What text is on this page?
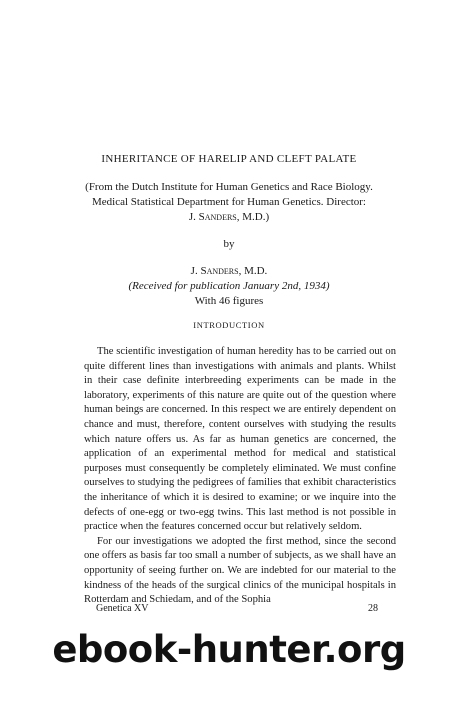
INHERITANCE OF HARELIP AND CLEFT PALATE
(From the Dutch Institute for Human Genetics and Race Biology.
Medical Statistical Department for Human Genetics. Director:
J. Sanders, M.D.)
by
J. Sanders, M.D.
(Received for publication January 2nd, 1934)
With 46 figures
INTRODUCTION

The scientific investigation of human heredity has to be carried out on quite different lines than investigations with animals and plants. Whilst in their case definite interbreeding experiments can be made in the laboratory, experiments of this nature are quite out of the question where human beings are concerned. In this respect we are entirely dependent on chance and must, therefore, content ourselves with studying the results which nature offers us. As far as human genetics are concerned, the application of an experimental method for medical and statistical purposes must consequently be completely eliminated. We must confine ourselves to studying the pedigrees of families that exhibit characteristics the inheritance of which it is desired to examine; or we inquire into the defects of one-egg or two-egg twins. This last method is not possible in practice when the features concerned occur but relatively seldom.

For our investigations we adopted the first method, since the second one offers as basis far too small a number of subjects, as we shall have an opportunity of seeing further on. We are indebted for our material to the kindness of the heads of the surgical clinics of the municipal hospitals in Rotterdam and Schiedam, and of the Sophia

Genetica XV	28
ebook-hunter.org
